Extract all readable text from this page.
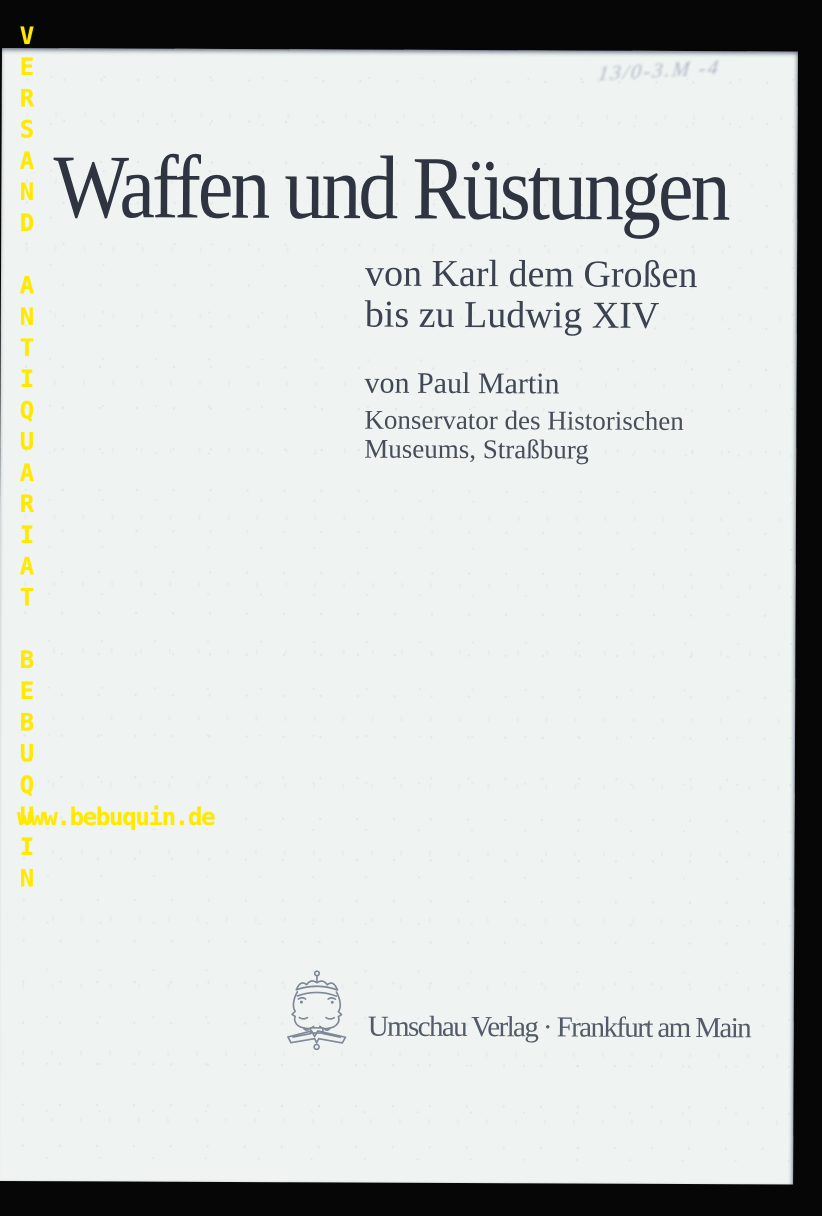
Waffen und Rüstungen
von Karl dem Großen
bis zu Ludwig XIV
von Paul Martin
Konservator des Historischen
Museums, Straßburg
Umschau Verlag · Frankfurt am Main
VERSAND ANTIQUARIAT BEBUQUIN
www.bebuquin.de
13/0-3.M -4
